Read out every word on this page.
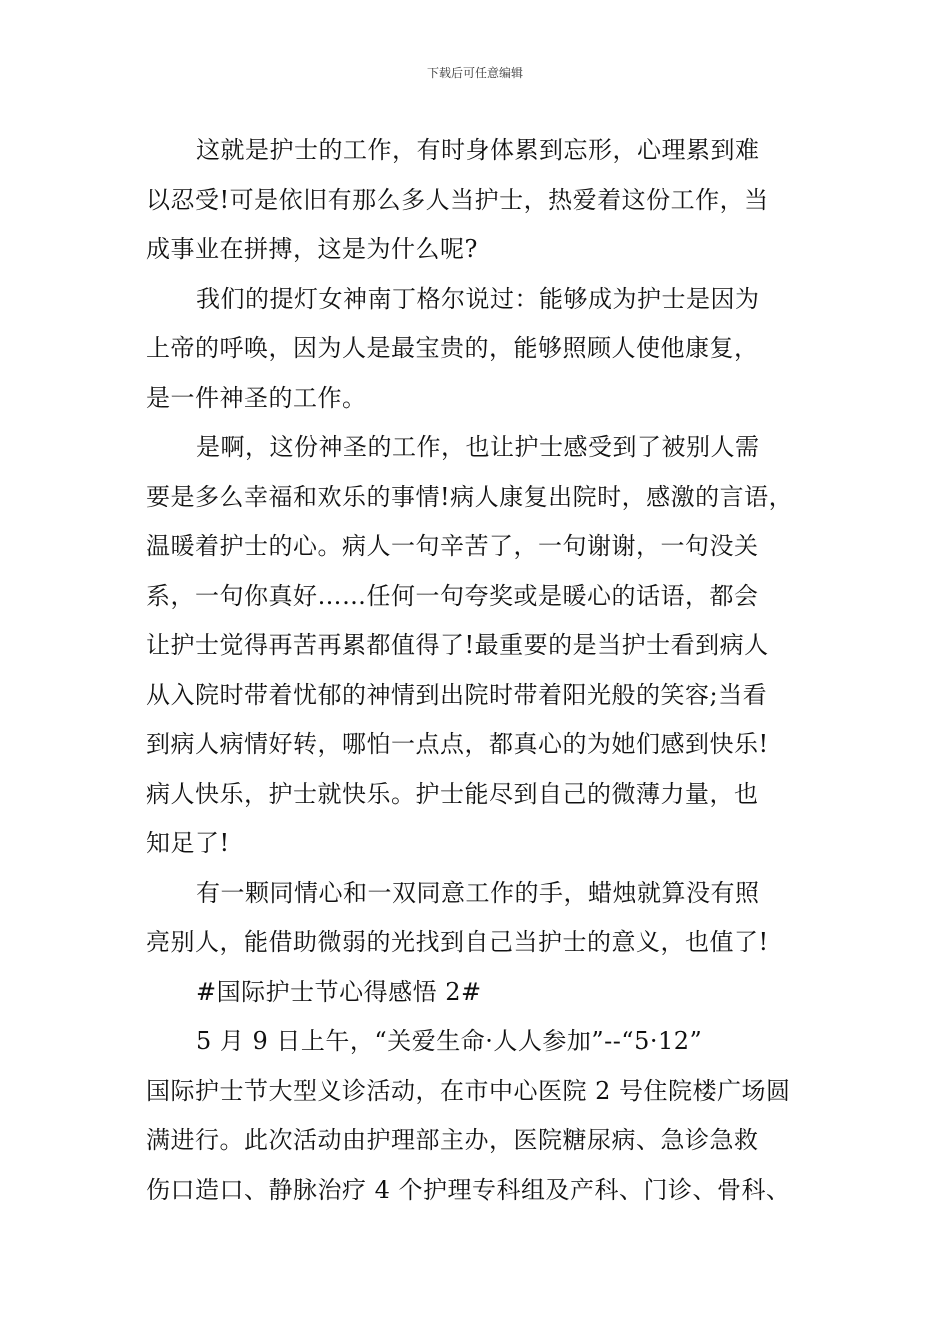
下载后可任意编辑
这就是护士的工作，有时身体累到忘形，心理累到难
以忍受!可是依旧有那么多人当护士，热爱着这份工作，当
成事业在拼搏，这是为什么呢?
我们的提灯女神南丁格尔说过：能够成为护士是因为
上帝的呼唤，因为人是最宝贵的，能够照顾人使他康复，
是一件神圣的工作。
是啊，这份神圣的工作，也让护士感受到了被别人需
要是多么幸福和欢乐的事情!病人康复出院时，感激的言语，
温暖着护士的心。病人一句辛苦了，一句谢谢，一句没关
系，一句你真好……任何一句夸奖或是暖心的话语，都会
让护士觉得再苦再累都值得了!最重要的是当护士看到病人
从入院时带着忧郁的神情到出院时带着阳光般的笑容;当看
到病人病情好转，哪怕一点点，都真心的为她们感到快乐!
病人快乐，护士就快乐。护士能尽到自己的微薄力量，也
知足了!
有一颗同情心和一双同意工作的手，蜡烛就算没有照
亮别人，能借助微弱的光找到自己当护士的意义，也值了!
#国际护士节心得感悟 2#
5 月 9 日上午，“关爱生命·人人参加”--“5·12”
国际护士节大型义诊活动，在市中心医院 2 号住院楼广场圆
满进行。此次活动由护理部主办，医院糖尿病、急诊急救
伤口造口、静脉治疗 4 个护理专科组及产科、门诊、骨科、
